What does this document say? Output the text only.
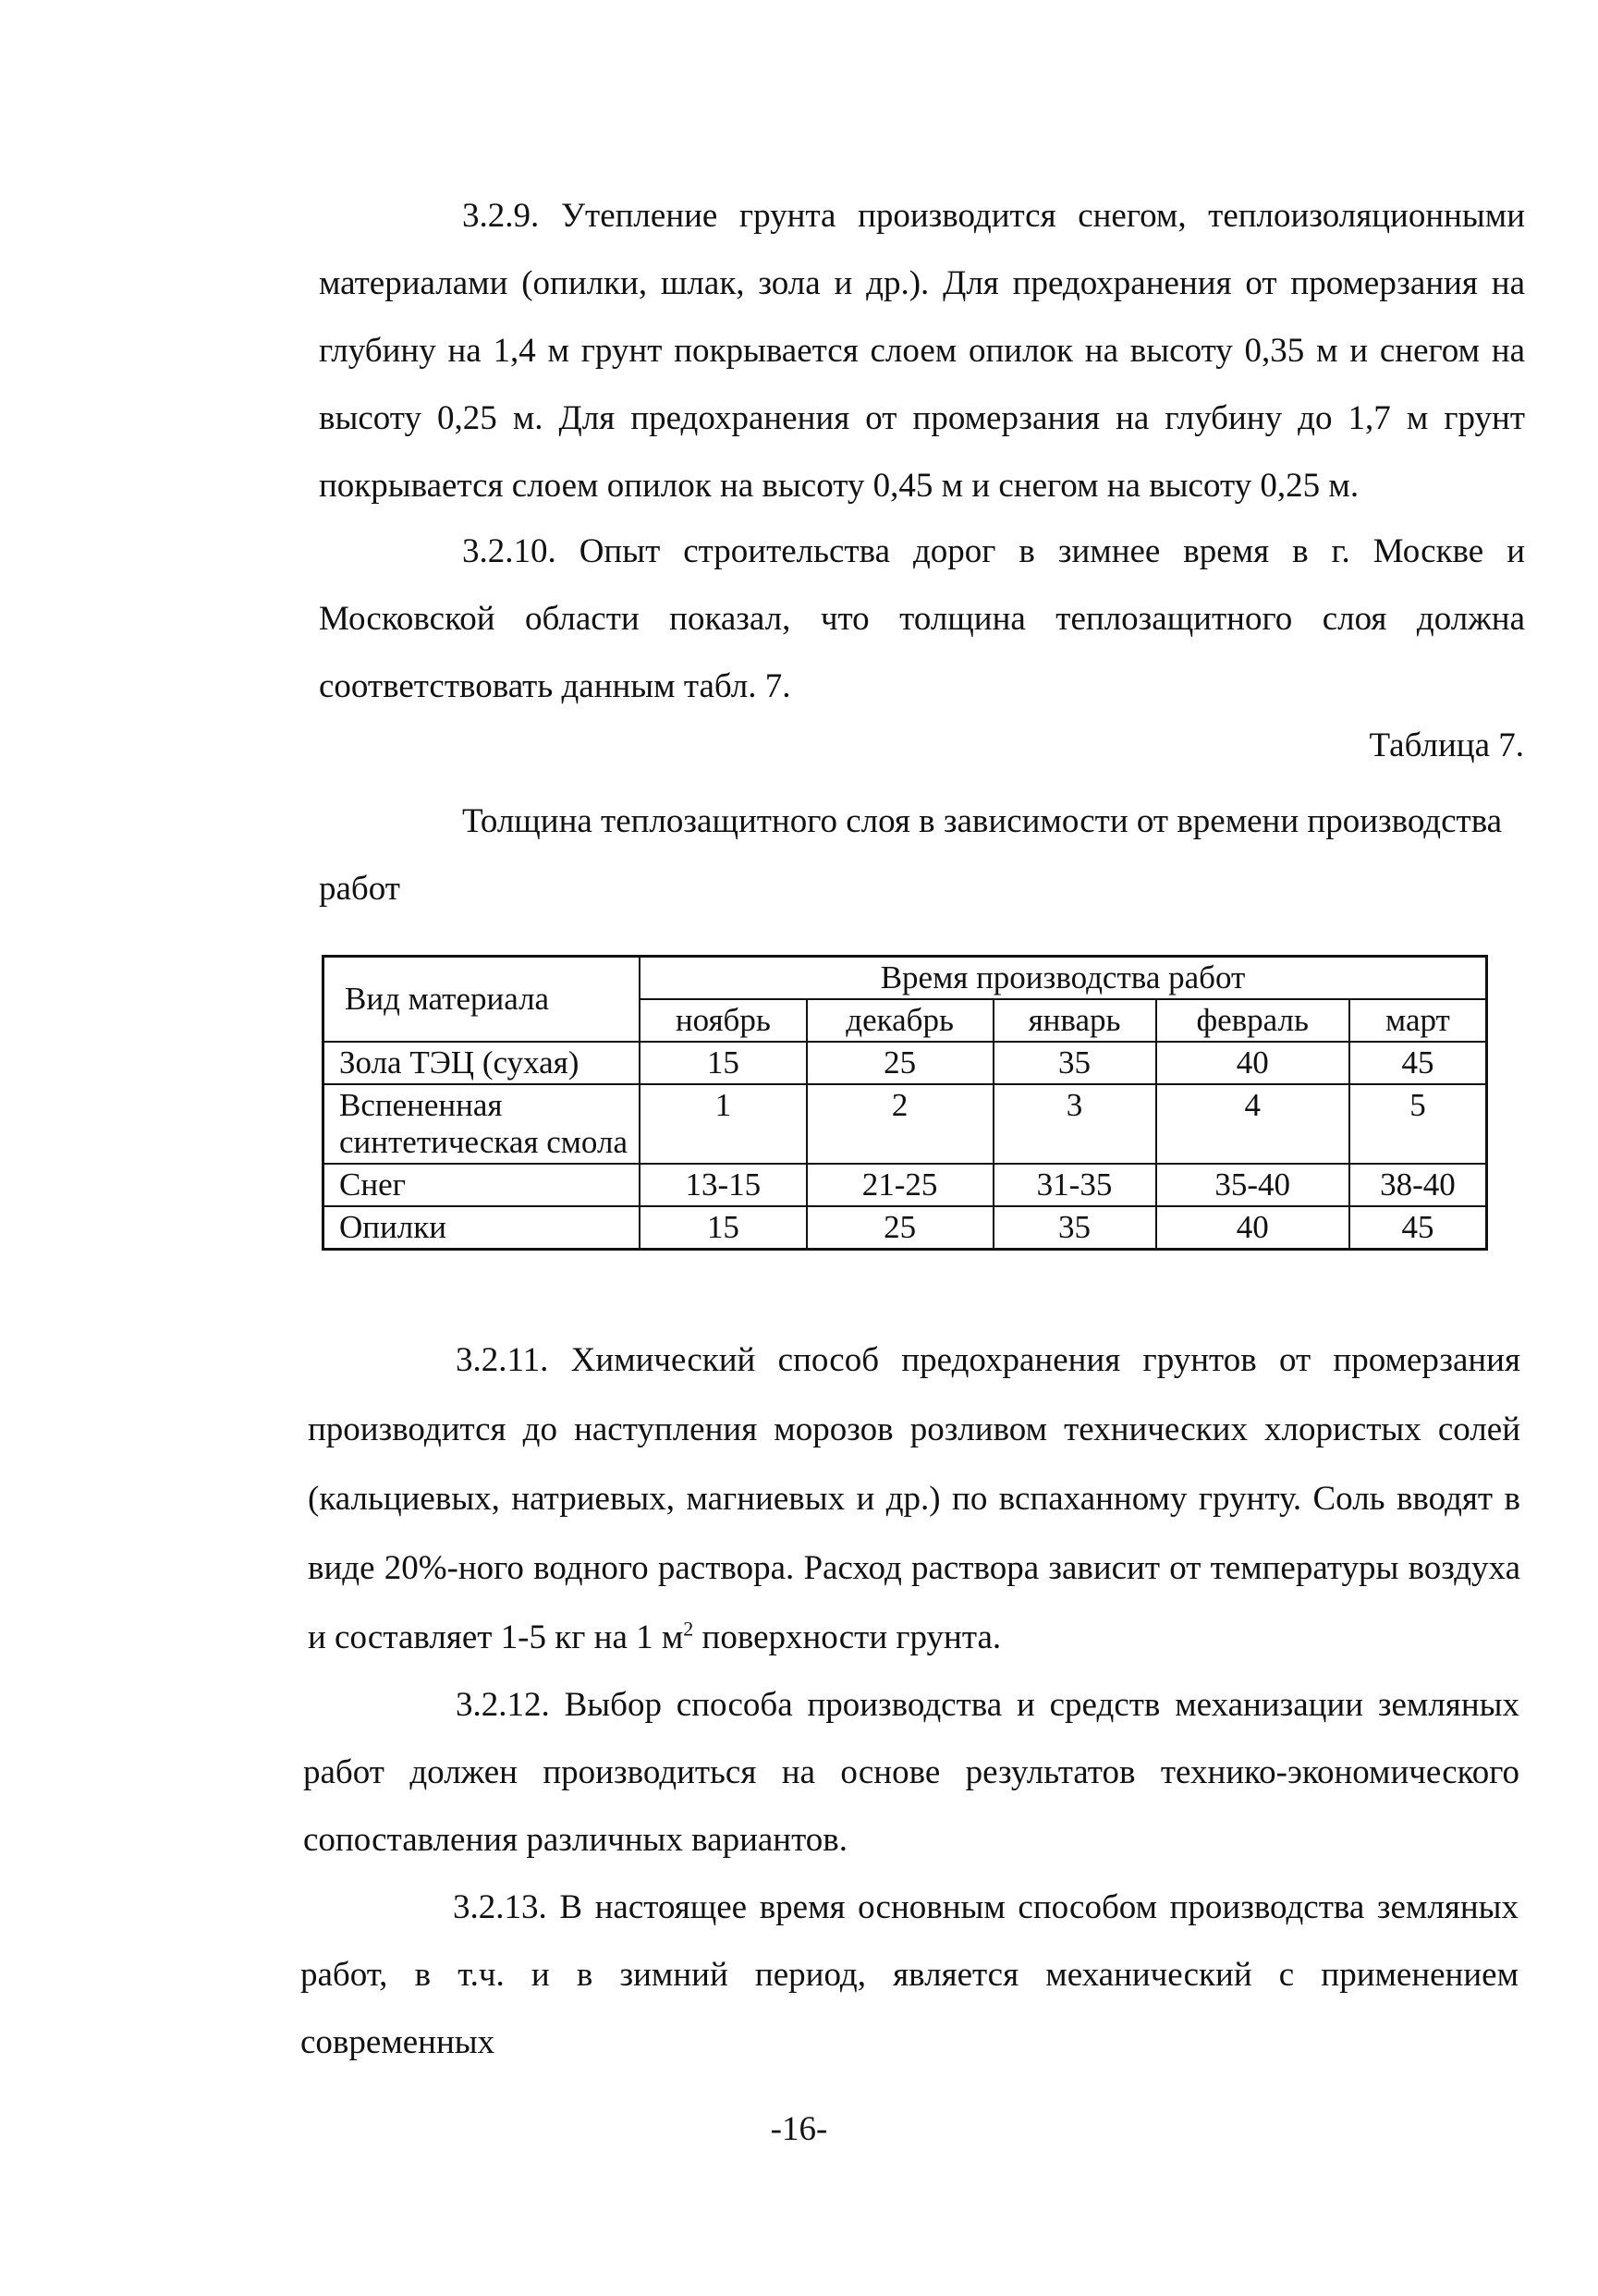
3.2.9. Утепление грунта производится снегом, теплоизоляционными материалами (опилки, шлак, зола и др.). Для предохранения от промерзания на глубину на 1,4 м грунт покрывается слоем опилок на высоту 0,35 м и снегом на высоту 0,25 м. Для предохранения от промерзания на глубину до 1,7 м грунт покрывается слоем опилок на высоту 0,45 м и снегом на высоту 0,25 м.

3.2.10. Опыт строительства дорог в зимнее время в г. Москве и Московской области показал, что толщина теплозащитного слоя должна соответствовать данным табл. 7.

Таблица 7.

Толщина теплозащитного слоя в зависимости от времени производства работ

Вид материала	Время производства работ				
	ноябрь	декабрь	январь	февраль	март
Зола ТЭЦ (сухая)	15	25	35	40	45
Вспененная синтетическая смола	1	2	3	4	5
Снег	13-15	21-25	31-35	35-40	38-40
Опилки	15	25	35	40	45

3.2.11. Химический способ предохранения грунтов от промерзания производится до наступления морозов розливом технических хлористых солей (кальциевых, натриевых, магниевых и др.) по вспаханному грунту. Соль вводят в виде 20%-ного водного раствора. Расход раствора зависит от температуры воздуха и составляет 1-5 кг на 1 $м^2$ поверхности грунта.

3.2.12. Выбор способа производства и средств механизации земляных работ должен производиться на основе результатов технико-экономического сопоставления различных вариантов.

3.2.13. В настоящее время основным способом производства земляных работ, в т.ч. и в зимний период, является механический с применением современных

-16-
